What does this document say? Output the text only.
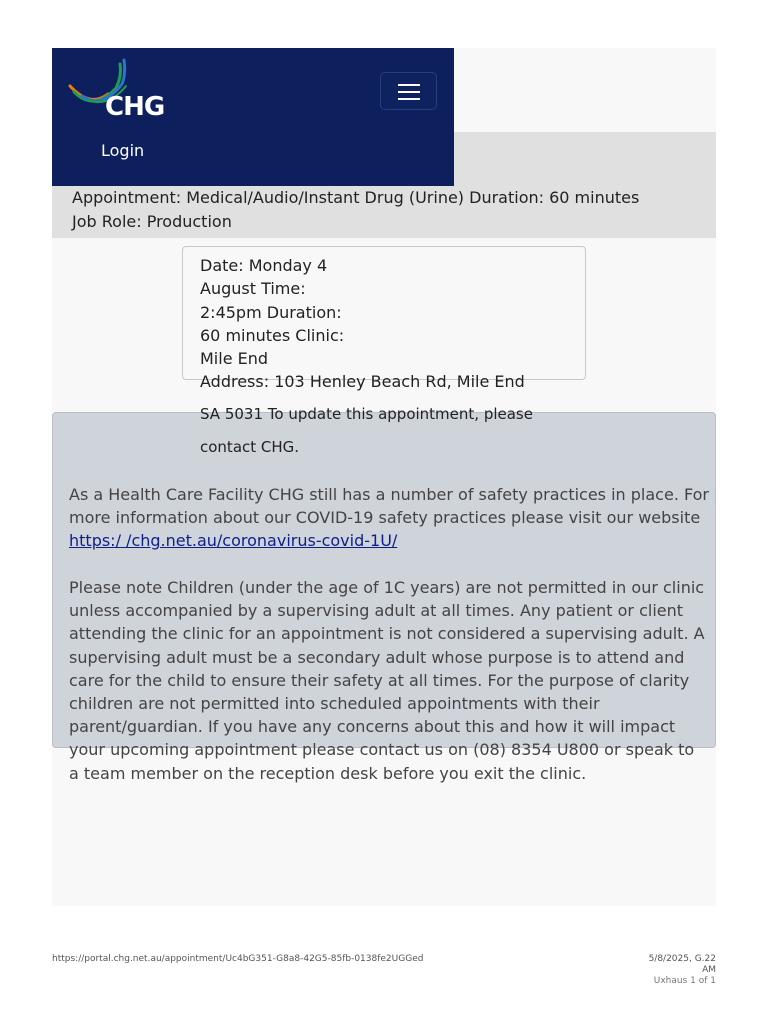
CHG
Login
Appointment: Medical/Audio/Instant Drug (Urine) Duration: 60 minutes
Job Role: Production
Date: Monday 4
August Time:
2:45pm Duration:
60 minutes Clinic:
Mile End
Address: 103 Henley Beach Rd, Mile End
SA 5031 To update this appointment, please
contact CHG.
As a Health Care Facility CHG still has a number of safety practices in place. For more information about our COVID-19 safety practices please visit our website https:/ /chg.net.au/coronavirus-covid-1U/
Please note Children (under the age of 1C years) are not permitted in our clinic unless accompanied by a supervising adult at all times. Any patient or client attending the clinic for an appointment is not considered a supervising adult. A supervising adult must be a secondary adult whose purpose is to attend and care for the child to ensure their safety at all times. For the purpose of clarity children are not permitted into scheduled appointments with their parent/guardian. If you have any concerns about this and how it will impact your upcoming appointment please contact us on (08) 8354 U800 or speak to a team member on the reception desk before you exit the clinic.
https://portal.chg.net.au/appointment/Uc4bG351-G8a8-42G5-85fb-0138fe2UGGed	5/8/2025, G.22
AM
Uxhaus 1 of 1
